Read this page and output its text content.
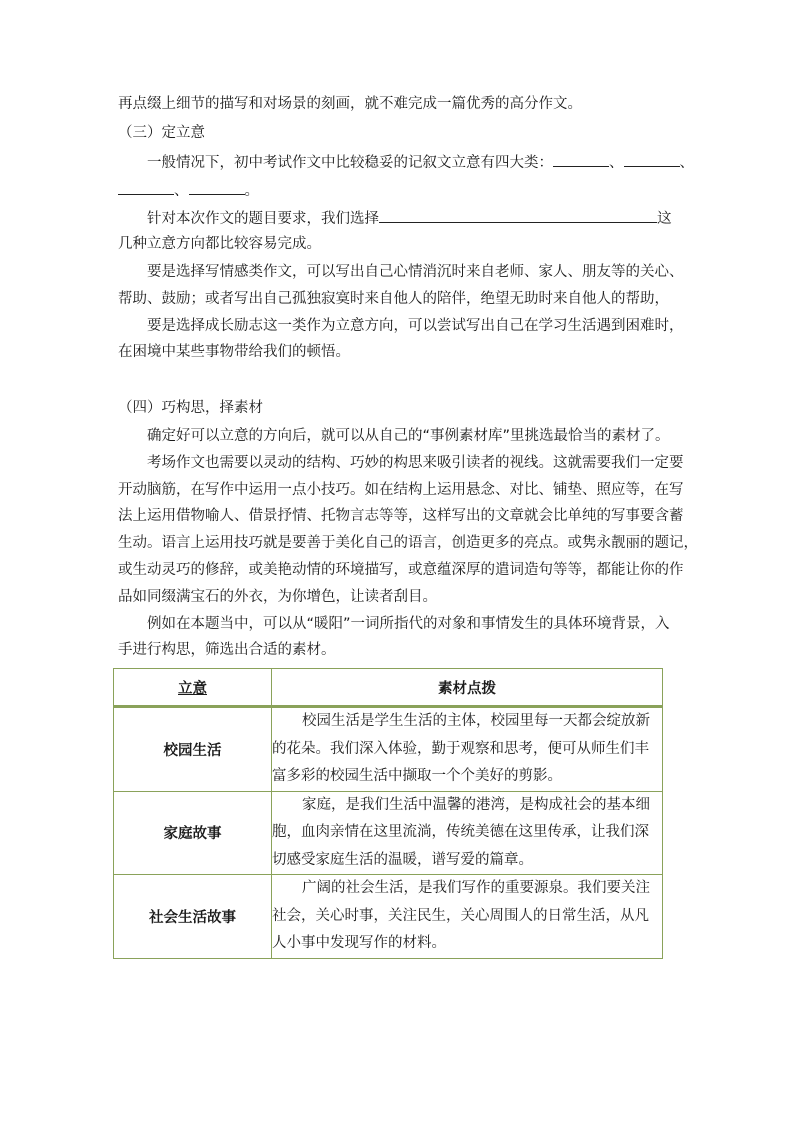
再点缀上细节的描写和对场景的刻画，就不难完成一篇优秀的高分作文。
（三）定立意
一般情况下，初中考试作文中比较稳妥的记叙文立意有四大类：	、	、
、	。
针对本次作文的题目要求，我们选择	这
几种立意方向都比较容易完成。
要是选择写情感类作文，可以写出自己心情消沉时来自老师、家人、朋友等的关心、
帮助、鼓励；或者写出自己孤独寂寞时来自他人的陪伴，绝望无助时来自他人的帮助，
要是选择成长励志这一类作为立意方向，可以尝试写出自己在学习生活遇到困难时，
在困境中某些事物带给我们的顿悟。
（四）巧构思，择素材
确定好可以立意的方向后，就可以从自己的“事例素材库”里挑选最恰当的素材了。
考场作文也需要以灵动的结构、巧妙的构思来吸引读者的视线。这就需要我们一定要
开动脑筋，在写作中运用一点小技巧。如在结构上运用悬念、对比、铺垫、照应等，在写
法上运用借物喻人、借景抒情、托物言志等等，这样写出的文章就会比单纯的写事要含蓄
生动。语言上运用技巧就是要善于美化自己的语言，创造更多的亮点。或隽永靓丽的题记，
或生动灵巧的修辞，或美艳动情的环境描写，或意蕴深厚的遣词造句等等，都能让你的作
品如同缀满宝石的外衣，为你增色，让读者刮目。
例如在本题当中，可以从“暖阳”一词所指代的对象和事情发生的具体环境背景，入
手进行构思，筛选出合适的素材。
立意	素材点拨
校园生活	校园生活是学生生活的主体，校园里每一天都会绽放新的花朵。我们深入体验，勤于观察和思考，便可从师生们丰富多彩的校园生活中撷取一个个美好的剪影。
家庭故事	家庭，是我们生活中温馨的港湾，是构成社会的基本细胞，血肉亲情在这里流淌，传统美德在这里传承，让我们深切感受家庭生活的温暖，谱写爱的篇章。
社会生活故事	广阔的社会生活，是我们写作的重要源泉。我们要关注社会，关心时事，关注民生，关心周围人的日常生活，从凡人小事中发现写作的材料。
